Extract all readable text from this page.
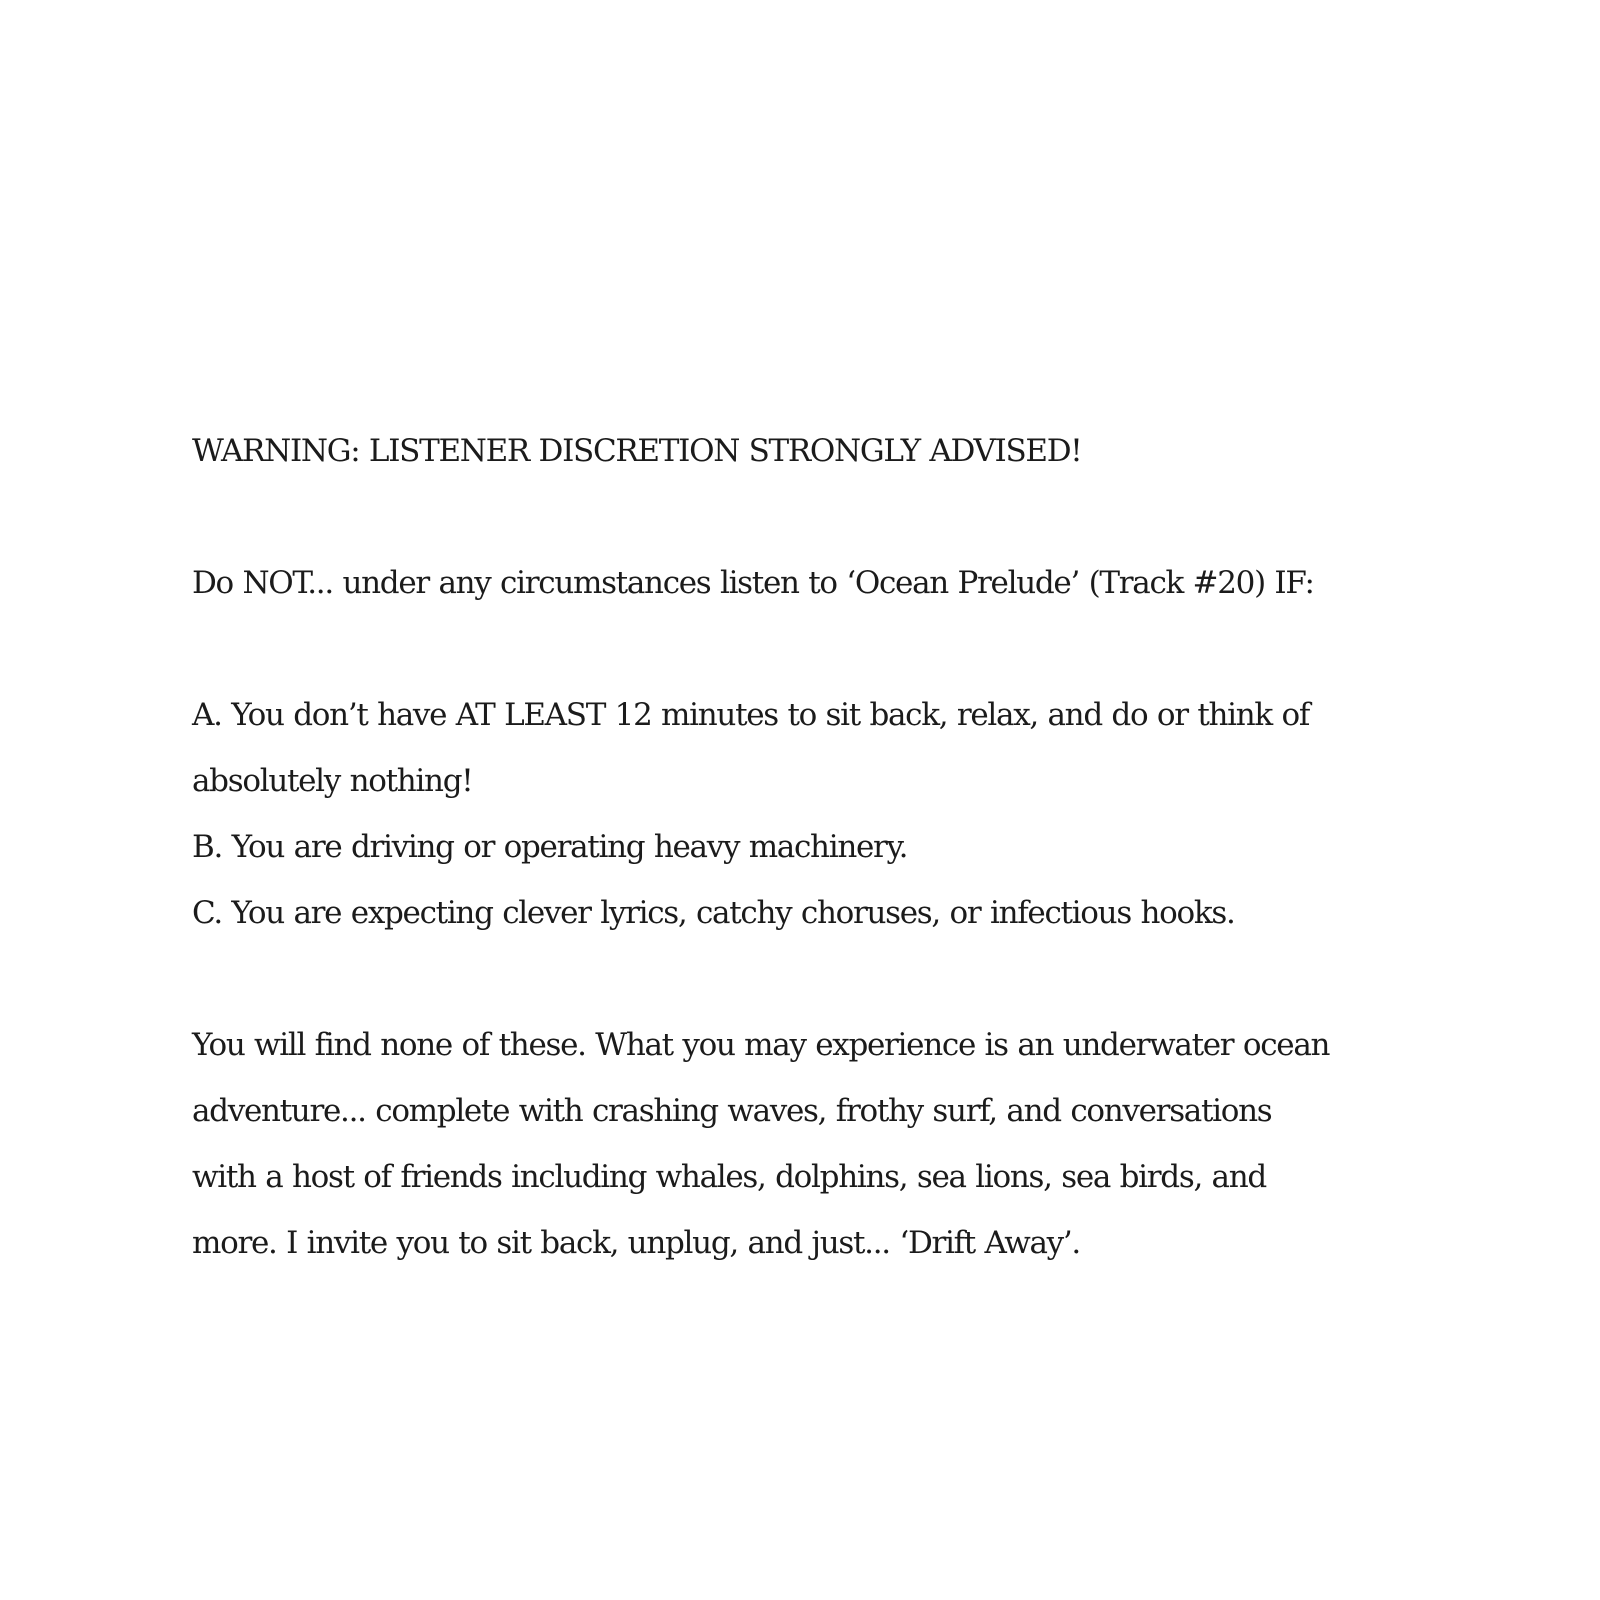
WARNING: LISTENER DISCRETION STRONGLY ADVISED!

Do NOT... under any circumstances listen to ‘Ocean Prelude’ (Track #20) IF:

A. You don’t have AT LEAST 12 minutes to sit back, relax, and do or think of

absolutely nothing!

B. You are driving or operating heavy machinery.

C. You are expecting clever lyrics, catchy choruses, or infectious hooks.

You will find none of these. What you may experience is an underwater ocean

adventure... complete with crashing waves, frothy surf, and conversations

with a host of friends including whales, dolphins, sea lions, sea birds, and

more. I invite you to sit back, unplug, and just... ‘Drift Away’.
